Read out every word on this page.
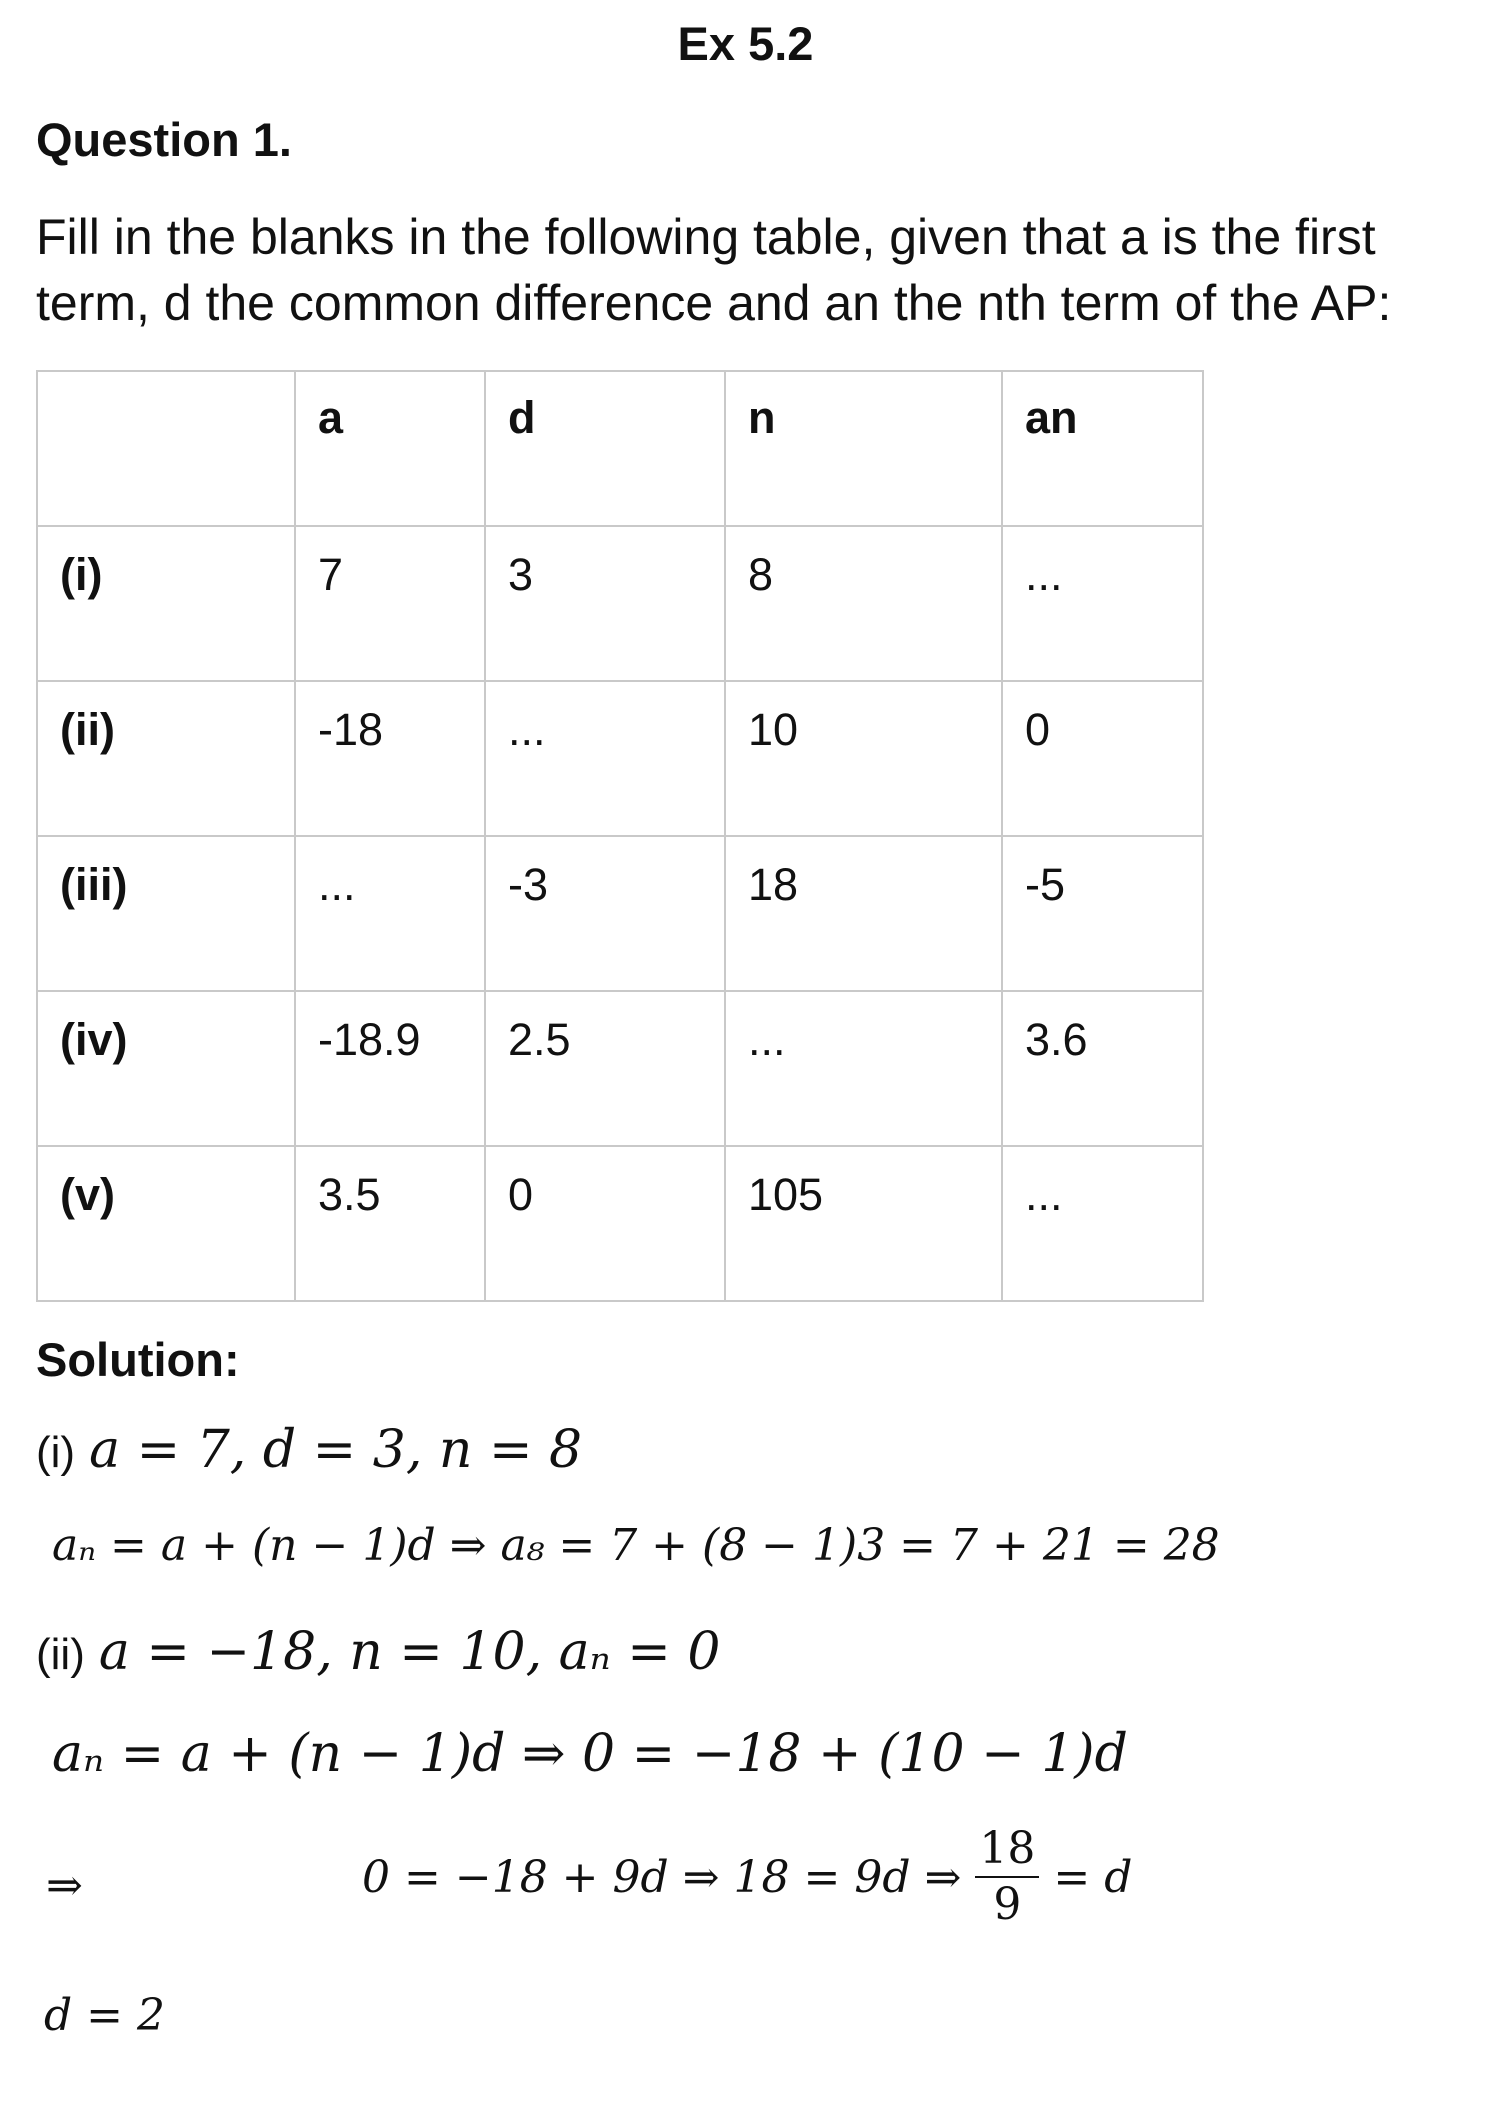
Ex 5.2
Question 1.
Fill in the blanks in the following table, given that a is the first term, d the common difference and an the nth term of the AP:
	a	d	n	an
(i)	7	3	8	...
(ii)	-18	...	10	0
(iii)	...	-3	18	-5
(iv)	-18.9	2.5	...	3.6
(v)	3.5	0	105	...
Solution:
(i) a = 7, d = 3, n = 8
aₙ = a + (n − 1)d ⇒ a₈ = 7 + (8 − 1)3 = 7 + 21 = 28
(ii) a = −18, n = 10, aₙ = 0
aₙ = a + (n − 1)d ⇒ 0 = −18 + (10 − 1)d
⇒	0 = −18 + 9d ⇒ 18 = 9d ⇒ $\frac{18}{9} = d$
d = 2
